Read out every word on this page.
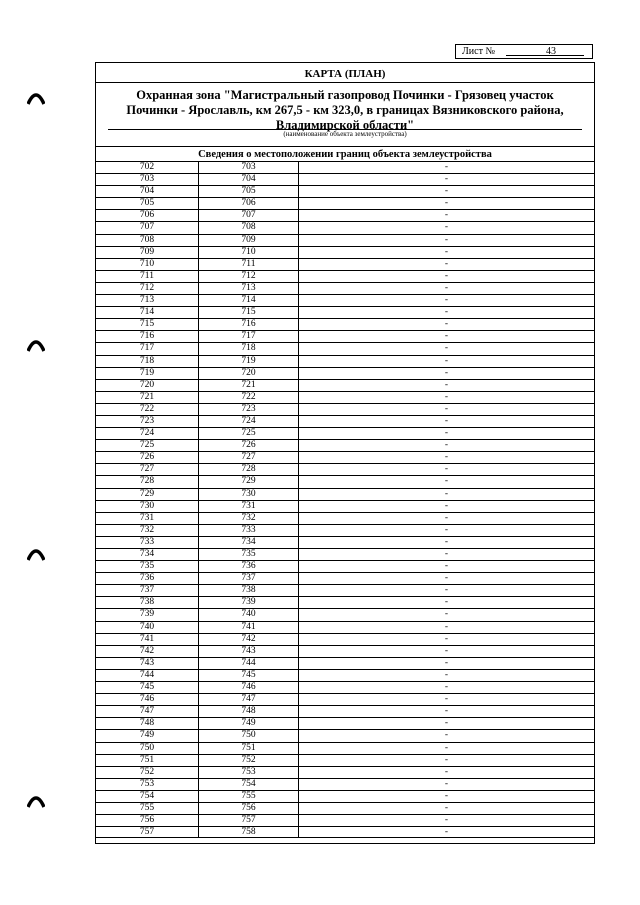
Лист №	43
КАРТА (ПЛАН)
Охранная зона "Магистральный газопровод Починки - Грязовец участок
Починки - Ярославль, км 267,5 - км 323,0, в границах Вязниковского района,
Владимирской области"
(наименование объекта землеустройства)
Сведения о местоположении границ объекта землеустройства
702	703	-
703	704	-
704	705	-
705	706	-
706	707	-
707	708	-
708	709	-
709	710	-
710	711	-
711	712	-
712	713	-
713	714	-
714	715	-
715	716	-
716	717	-
717	718	-
718	719	-
719	720	-
720	721	-
721	722	-
722	723	-
723	724	-
724	725	-
725	726	-
726	727	-
727	728	-
728	729	-
729	730	-
730	731	-
731	732	-
732	733	-
733	734	-
734	735	-
735	736	-
736	737	-
737	738	-
738	739	-
739	740	-
740	741	-
741	742	-
742	743	-
743	744	-
744	745	-
745	746	-
746	747	-
747	748	-
748	749	-
749	750	-
750	751	-
751	752	-
752	753	-
753	754	-
754	755	-
755	756	-
756	757	-
757	758	-
